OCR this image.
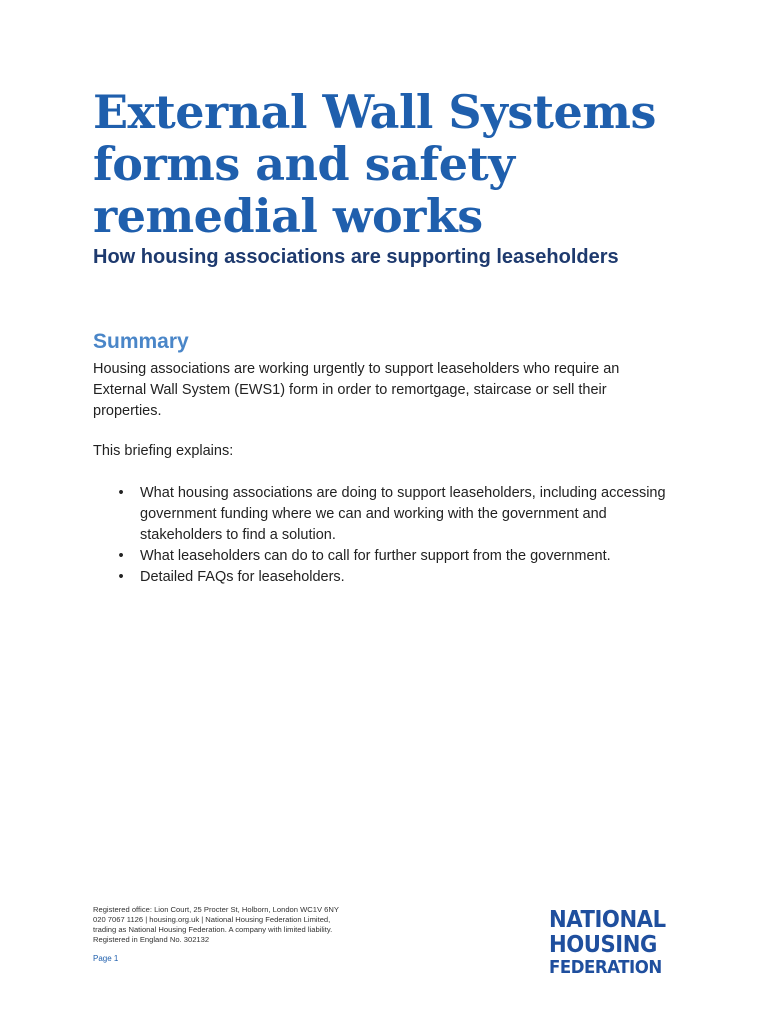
External Wall Systems forms and safety remedial works
How housing associations are supporting leaseholders
Summary

Housing associations are working urgently to support leaseholders who require an External Wall System (EWS1) form in order to remortgage, staircase or sell their properties.

This briefing explains:

• What housing associations are doing to support leaseholders, including accessing government funding where we can and working with the government and stakeholders to find a solution.
• What leaseholders can do to call for further support from the government.
• Detailed FAQs for leaseholders.
Registered office: Lion Court, 25 Procter St, Holborn, London WC1V 6NY
020 7067 1126 | housing.org.uk | National Housing Federation Limited,
trading as National Housing Federation. A company with limited liability.
Registered in England No. 302132
Page 1
NATIONAL
HOUSING
FEDERATION
